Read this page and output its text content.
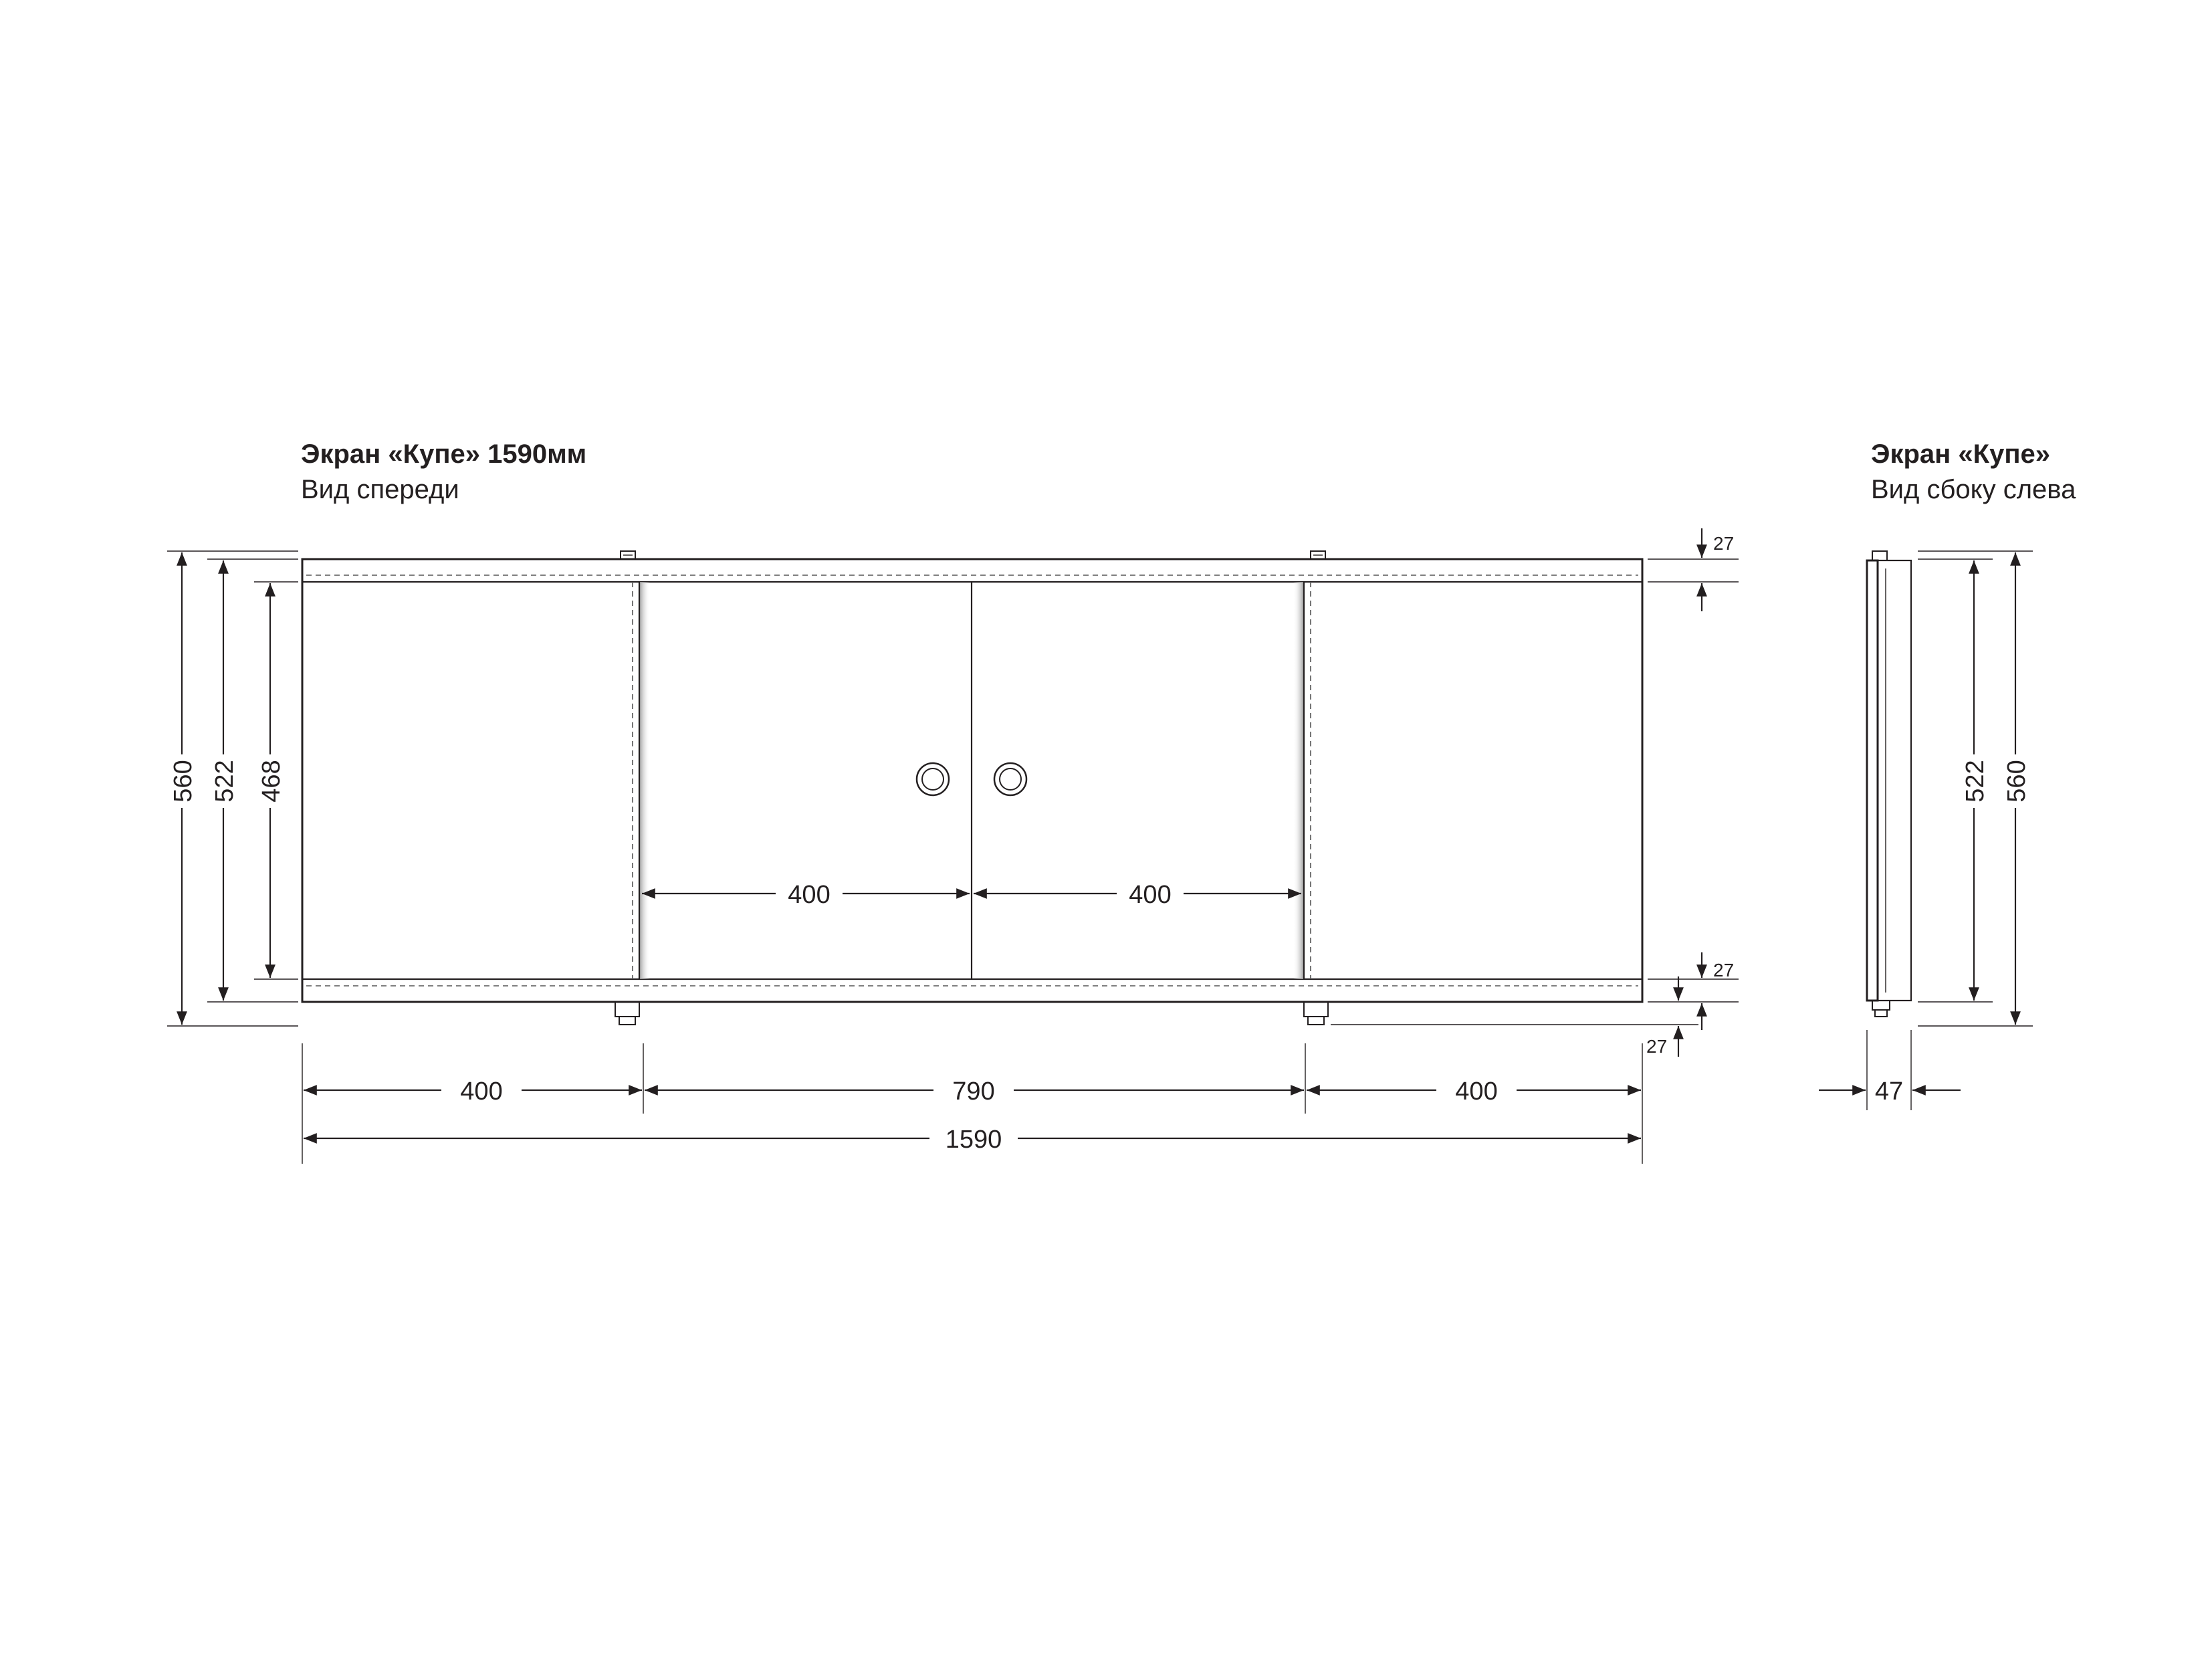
Экран «Купе» 1590мм
Вид спереди
Экран «Купе»
Вид сбоку слева
560 522 468
27
27
27
400	400
400	790	400
1590
522 560
47
